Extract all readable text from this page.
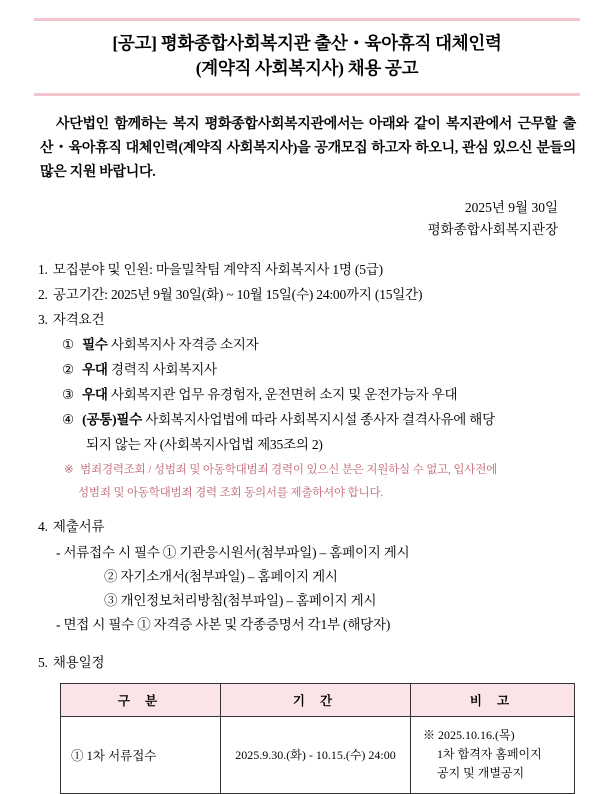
[공고] 평화종합사회복지관 출산・육아휴직 대체인력
(계약직 사회복지사) 채용 공고
사단법인 함께하는 복지 평화종합사회복지관에서는 아래와 같이 복지관에서 근무할 출산・육아휴직 대체인력(계약직 사회복지사)을 공개모집 하고자 하오니, 관심 있으신 분들의 많은 지원 바랍니다.
2025년 9월 30일
평화종합사회복지관장
1. 모집분야 및 인원: 마을밀착팀 계약직 사회복지사 1명 (5급)
2. 공고기간: 2025년 9월 30일(화) ~ 10월 15일(수) 24:00까지 (15일간)
3. 자격요건
① 필수 사회복지사 자격증 소지자
② 우대 경력직 사회복지사
③ 우대 사회복지관 업무 유경험자, 운전면허 소지 및 운전가능자 우대
④ (공통)필수 사회복지사업법에 따라 사회복지시설 종사자 결격사유에 해당
되지 않는 자 (사회복지사업법 제35조의 2)
※ 범죄경력조회 / 성범죄 및 아동학대범죄 경력이 있으신 분은 지원하실 수 없고, 입사전에
성범죄 및 아동학대범죄 경력 조회 동의서를 제출하셔야 합니다.
4. 제출서류
- 서류접수 시 필수 ① 기관응시원서(첨부파일) – 홈페이지 게시
② 자기소개서(첨부파일) – 홈페이지 게시
③ 개인정보처리방침(첨부파일) – 홈페이지 게시
- 면접 시 필수 ① 자격증 사본 및 각종증명서 각1부 (해당자)
5. 채용일정
구 분	기 간	비 고
① 1차 서류접수	2025.9.30.(화) - 10.15.(수) 24:00	※ 2025.10.16.(목)
1차 합격자 홈페이지
공지 및 개별공지
